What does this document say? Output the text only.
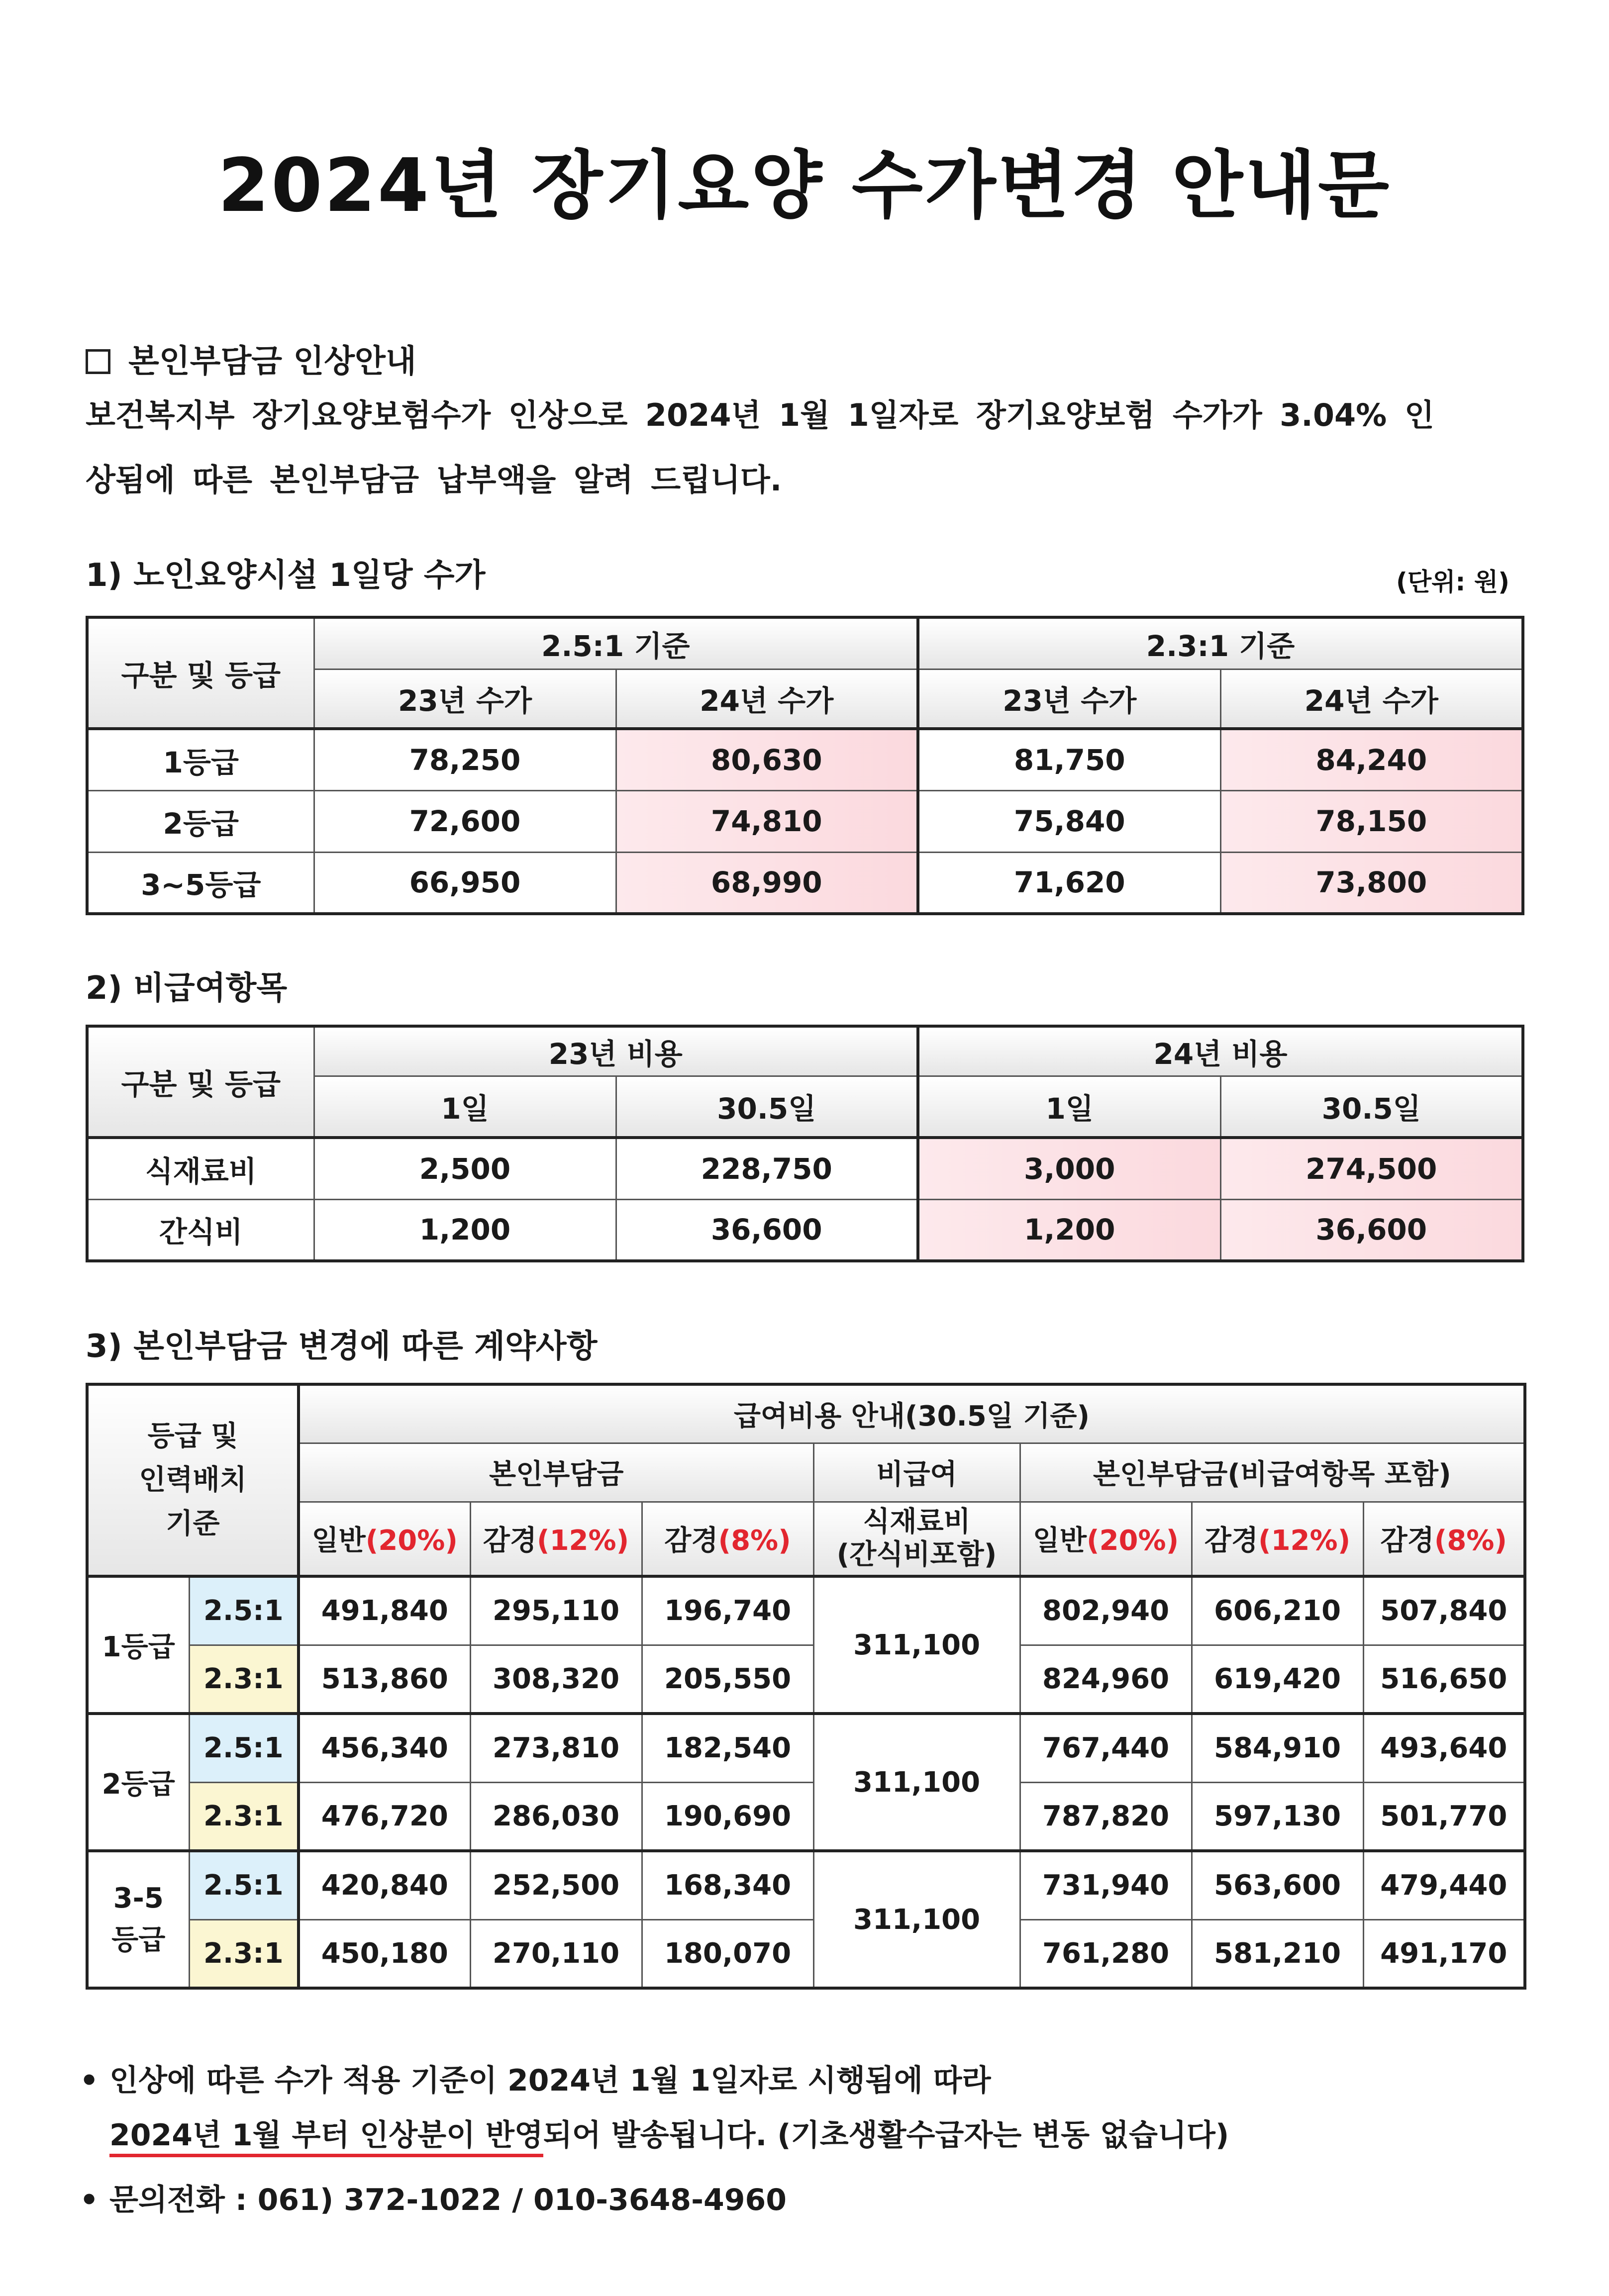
2024년 장기요양 수가변경 안내문
본인부담금 인상안내
보건복지부 장기요양보험수가 인상으로 2024년 1월 1일자로 장기요양보험 수가가 3.04% 인
상됨에 따른 본인부담금 납부액을 알려 드립니다.
1) 노인요양시설 1일당 수가	(단위: 원)
구분 및 등급	2.5:1 기준		2.3:1 기준	
	23년 수가	24년 수가	23년 수가	24년 수가
1등급	78,250	80,630	81,750	84,240
2등급	72,600	74,810	75,840	78,150
3~5등급	66,950	68,990	71,620	73,800
2) 비급여항목
구분 및 등급	23년 비용		24년 비용	
	1일	30.5일	1일	30.5일
식재료비	2,500	228,750	3,000	274,500
간식비	1,200	36,600	1,200	36,600
3) 본인부담금 변경에 따른 계약사항
등급 및
인력배치
기준		급여비용 안내(30.5일 기준)						
		본인부담금			비급여	본인부담금(비급여항목 포함)		
		일반(20%)	감경(12%)	감경(8%)	식재료비
(간식비포함)	일반(20%)	감경(12%)	감경(8%)
1등급	2.5:1	491,840	295,110	196,740	311,100	802,940	606,210	507,840
	2.3:1	513,860	308,320	205,550		824,960	619,420	516,650
2등급	2.5:1	456,340	273,810	182,540	311,100	767,440	584,910	493,640
	2.3:1	476,720	286,030	190,690		787,820	597,130	501,770

3-5
등급	2.5:1	420,840	252,500	168,340	311,100	731,940	563,600	479,440
	2.3:1	450,180	270,110	180,070		761,280	581,210	491,170
• 인상에 따른 수가 적용 기준이 2024년 1월 1일자로 시행됨에 따라
2024년 1월 부터 인상분이 반영되어 발송됩니다. (기초생활수급자는 변동 없습니다)
• 문의전화 : 061) 372-1022 / 010-3648-4960
